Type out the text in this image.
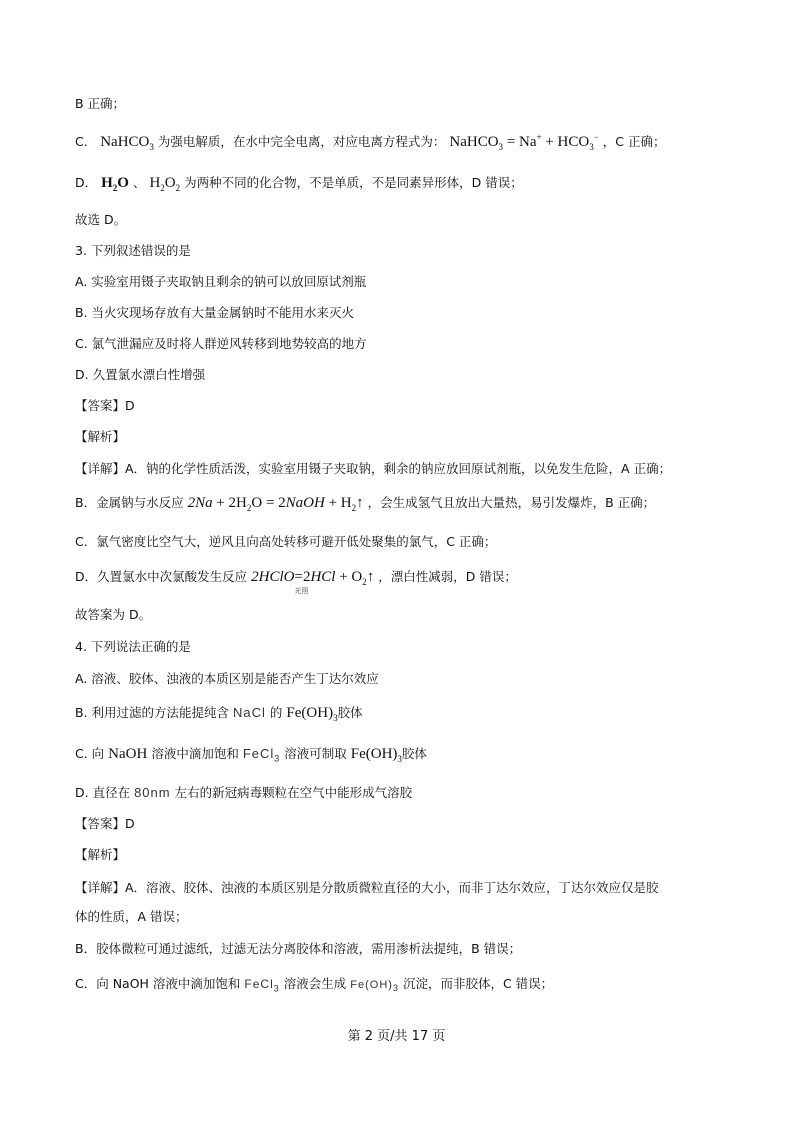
B 正确；
C． NaHCO$_3$ 为强电解质，在水中完全电离，对应电离方程式为： NaHCO$_3$ = $Na^+ + HCO_3^-$ ，C 正确；
D． $H_2O$ 、 $H_2O_2$ 为两种不同的化合物，不是单质，不是同素异形体，D 错误；
故选 D。
3. 下列叙述错误的是
A. 实验室用镊子夹取钠且剩余的钠可以放回原试剂瓶
B. 当火灾现场存放有大量金属钠时不能用水来灭火
C. 氯气泄漏应及时将人群逆风转移到地势较高的地方
D. 久置氯水漂白性增强
【答案】D
【解析】
【详解】A．钠的化学性质活泼，实验室用镊子夹取钠，剩余的钠应放回原试剂瓶，以免发生危险，A 正确；
B．金属钠与水反应 $2Na + 2H_2O$ = 2NaOH + $H_2↑$ ，会生成氢气且放出大量热，易引发爆炸，B 正确；
C．氯气密度比空气大，逆风且向高处转移可避开低处聚集的氯气，C 正确；
D．久置氯水中次氯酸发生反应 2HClO=
光照
$2HCl + O_2↑$ ，漂白性减弱，D 错误；
故答案为 D。
4. 下列说法正确的是
A. 溶液、胶体、浊液的本质区别是能否产生丁达尔效应
B. 利用过滤的方法能提纯含 NaCl 的 $Fe(OH)_3$胶体
C. 向 NaOH 溶液中滴加饱和 FeCl$_3$ 溶液可制取 $Fe(OH)_3$胶体
D. 直径在 80nm 左右的新冠病毒颗粒在空气中能形成气溶胶
【答案】D
【解析】
【详解】A．溶液、胶体、浊液的本质区别是分散质微粒直径的大小，而非丁达尔效应，丁达尔效应仅是胶
体的性质，A 错误；
B．胶体微粒可通过滤纸，过滤无法分离胶体和溶液，需用渗析法提纯，B 错误；
C．向 NaOH 溶液中滴加饱和 FeCl$_3$ 溶液会生成 $Fe(OH)_3$ 沉淀，而非胶体，C 错误；
第 2 页/共 17 页
